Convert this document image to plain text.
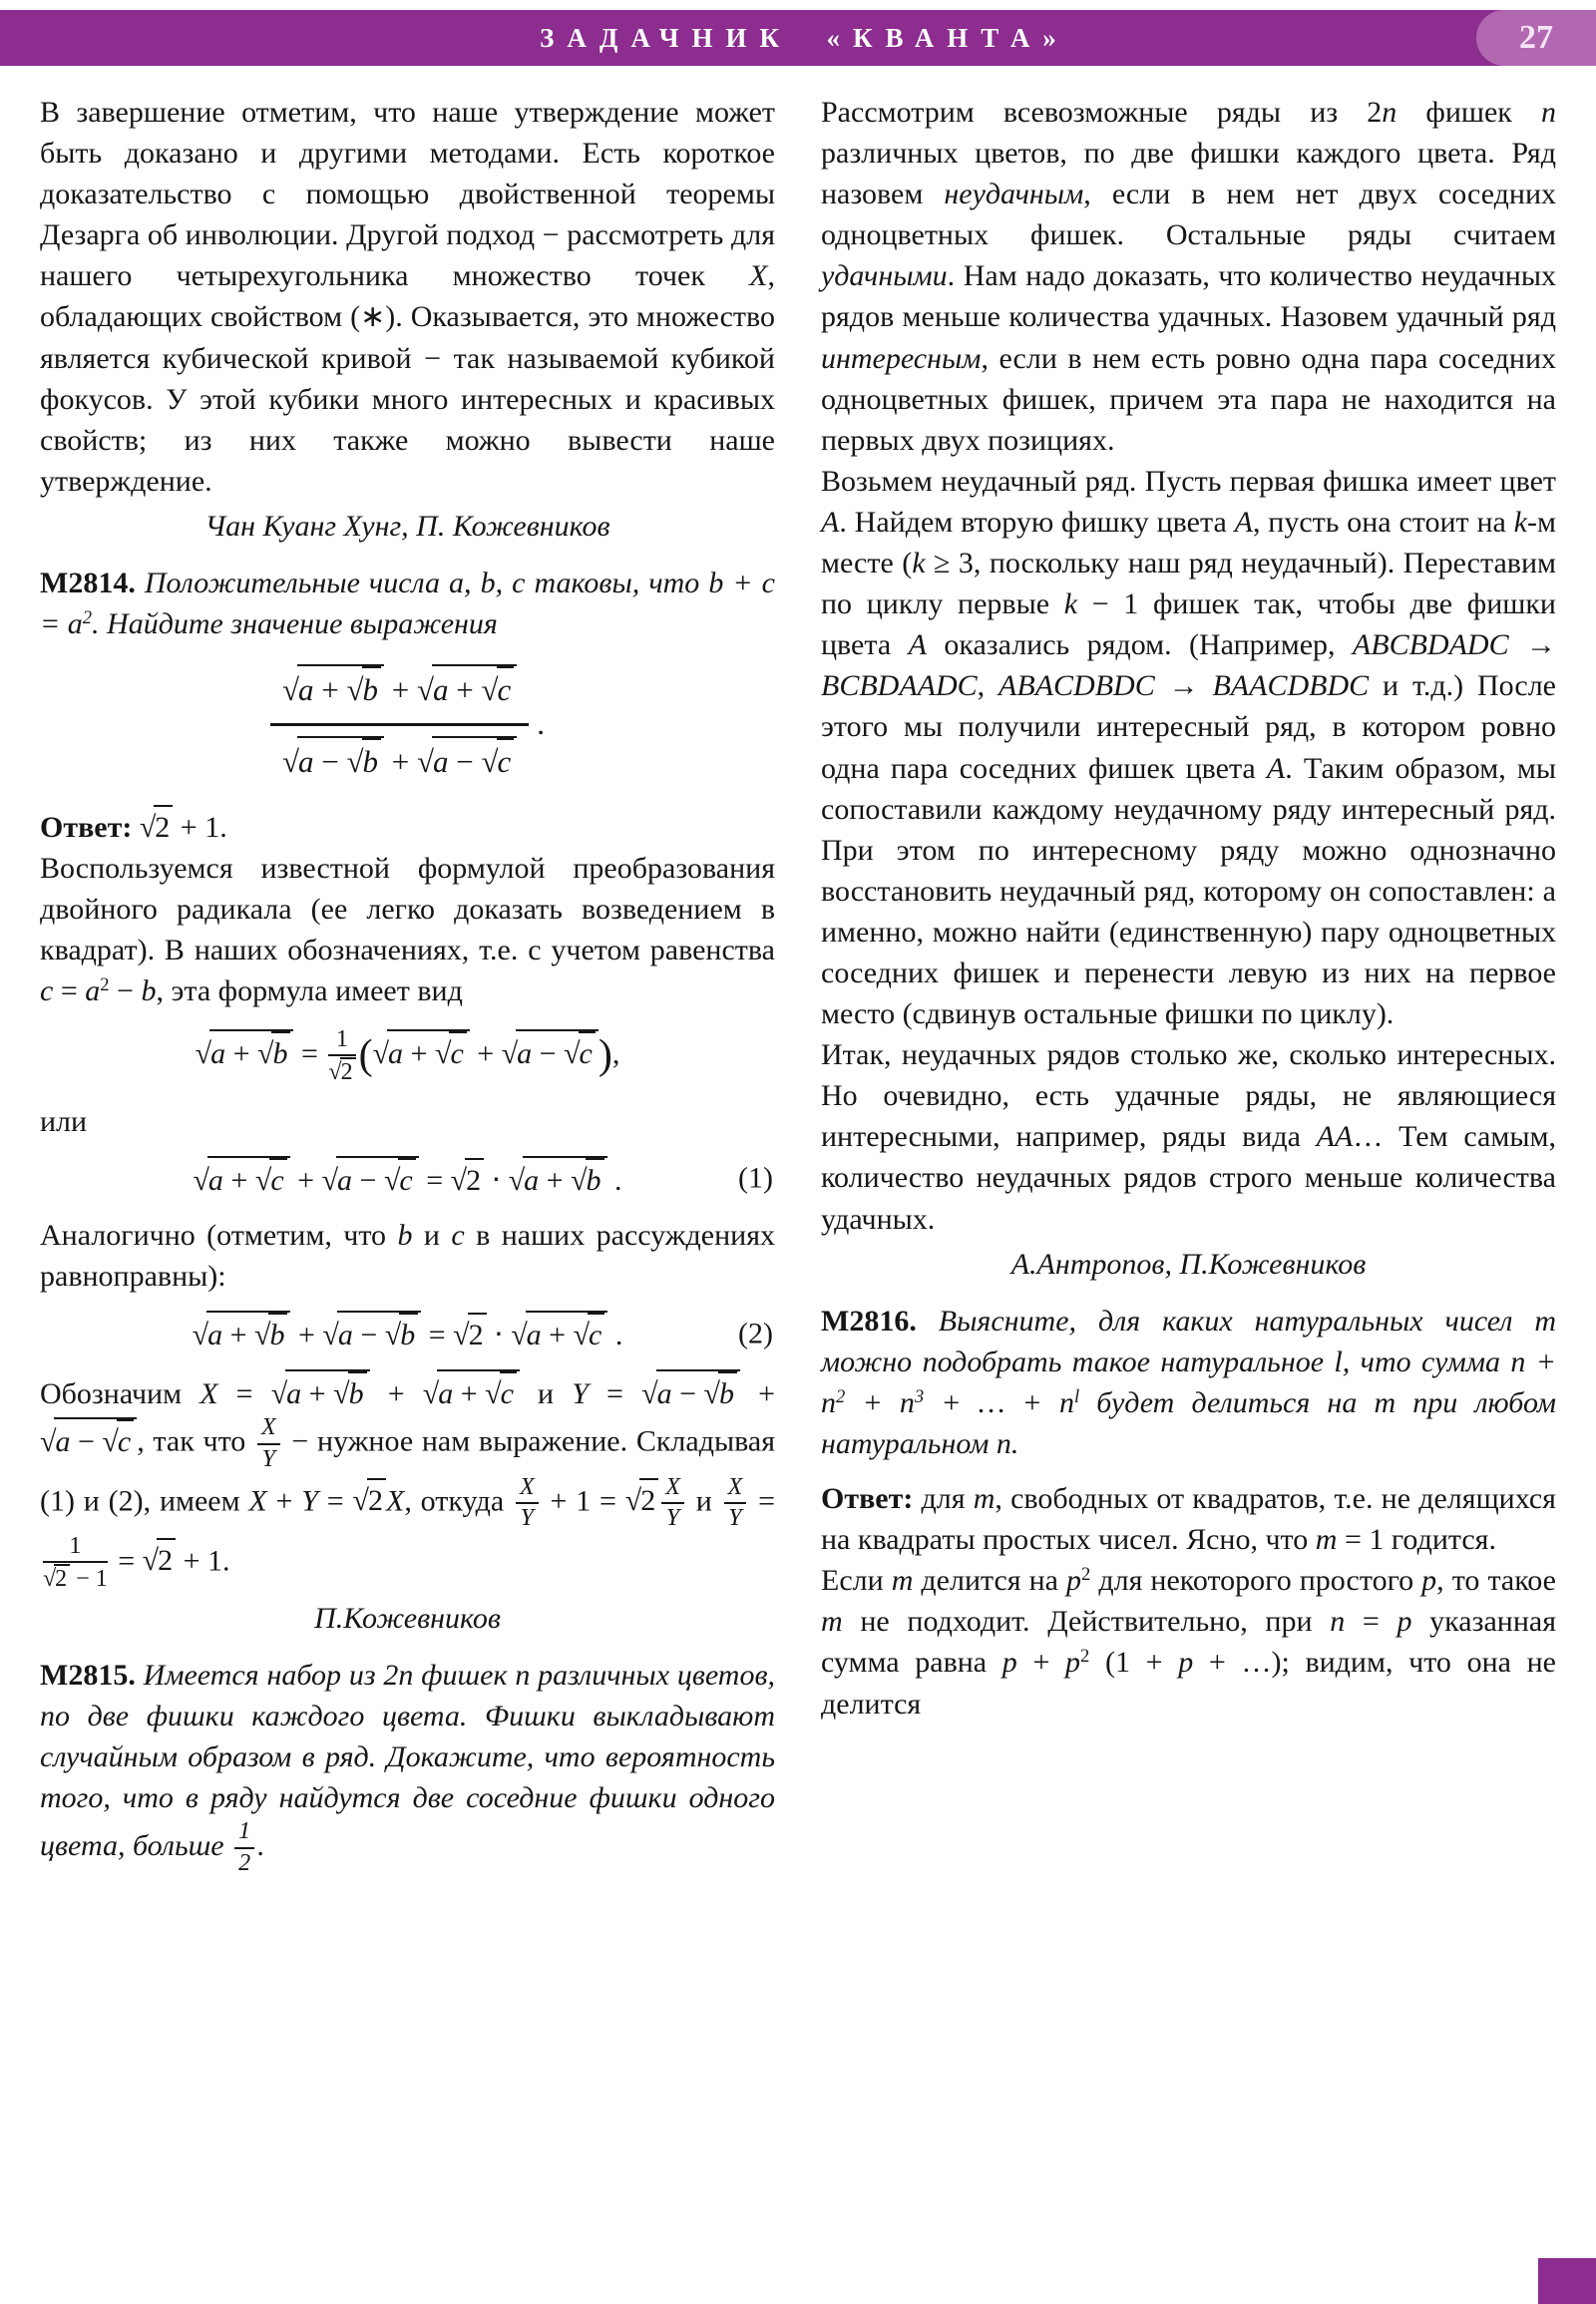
ЗАДАЧНИК «КВАНТА»	27

В завершение отметим, что наше утверждение может быть доказано и другими методами. Есть короткое доказательство с помощью двойственной теоремы Дезарга об инволюции. Другой подход − рассмотреть для нашего четырехугольника множество точек X, обладающих свойством (∗). Оказывается, это множество является кубической кривой − так называемой кубикой фокусов. У этой кубики много интересных и красивых свойств; из них также можно вывести наше утверждение.

Чан Куанг Хунг, П. Кожевников

М2814. Положительные числа a, b, c таковы, что $b + c = a^2$. Найдите значение выражения

$\frac{√a + √b + √a + √c}{√a - √b + √a - √c}$ .

Ответ: √2 + 1.

Воспользуемся известной формулой преобразования двойного радикала (ее легко доказать возведением в квадрат). В наших обозначениях, т.е. с учетом равенства $c = a^2 - b$, эта формула имеет вид

$√a + √b = \frac{1}{√2} (√a + √c + √a - √c$ ),

или

√a + √c + √a − √c = √2 ⋅ √a + √b .	(1)

Аналогично (отметим, что b и c в наших рассуждениях равноправны):

√a + √b + √a − √b = √2 ⋅ √a + √c .	(2)

Обозначим X = √a + √b + √a + √c и Y = √a − √b + √a − √c , так что $\frac{X}{Y}$ − нужное нам выражение. Складывая (1) и (2), имеем X + Y = √2 X, откуда $\frac{X}{Y} + 1 = √2 \frac{X}{Y}$ и $\frac{X}{Y}$ =
$\frac{1}{√2 - 1} = √2 + 1$.

П.Кожевников

М2815. Имеется набор из 2n фишек n различных цветов, по две фишки каждого цвета. Фишки выкладывают случайным образом в ряд. Докажите, что вероятность того, что в ряду найдутся две соседние фишки одного цвета, больше $\frac{1}{2}$ .

Рассмотрим всевозможные ряды из 2n фишек n различных цветов, по две фишки каждого цвета. Ряд назовем неудачным, если в нем нет двух соседних одноцветных фишек. Остальные ряды считаем удачными. Нам надо доказать, что количество неудачных рядов меньше количества удачных. Назовем удачный ряд интересным, если в нем есть ровно одна пара соседних одноцветных фишек, причем эта пара не находится на первых двух позициях.

Возьмем неудачный ряд. Пусть первая фишка имеет цвет A. Найдем вторую фишку цвета A, пусть она стоит на k-м месте (k ≥ 3, поскольку наш ряд неудачный). Переставим по циклу первые k − 1 фишек так, чтобы две фишки цвета A оказались рядом. (Например, ABCBDADC → BCBDAADC, ABACDBDC → BAACDBDC и т.д.) После этого мы получили интересный ряд, в котором ровно одна пара соседних фишек цвета A. Таким образом, мы сопоставили каждому неудачному ряду интересный ряд. При этом по интересному ряду можно однозначно восстановить неудачный ряд, которому он сопоставлен: а именно, можно найти (единственную) пару одноцветных соседних фишек и перенести левую из них на первое место (сдвинув остальные фишки по циклу).

Итак, неудачных рядов столько же, сколько интересных. Но очевидно, есть удачные ряды, не являющиеся интересными, например, ряды вида AA… Тем самым, количество неудачных рядов строго меньше количества удачных.

А.Антропов, П.Кожевников

М2816. Выясните, для каких натуральных чисел m можно подобрать такое натуральное l, что сумма $n + n^2 + n^3$ + … + $n^l$ будет делиться на m при любом натуральном n.

Ответ: для m, свободных от квадратов, т.е. не делящихся на квадраты простых чисел. Ясно, что m = 1 годится.

Если m делится на $p^2$ для некоторого простого p, то такое m не подходит. Действительно, при n = p указанная сумма равна $p + p^2$ (1 + p + …); видим, что она не делится
